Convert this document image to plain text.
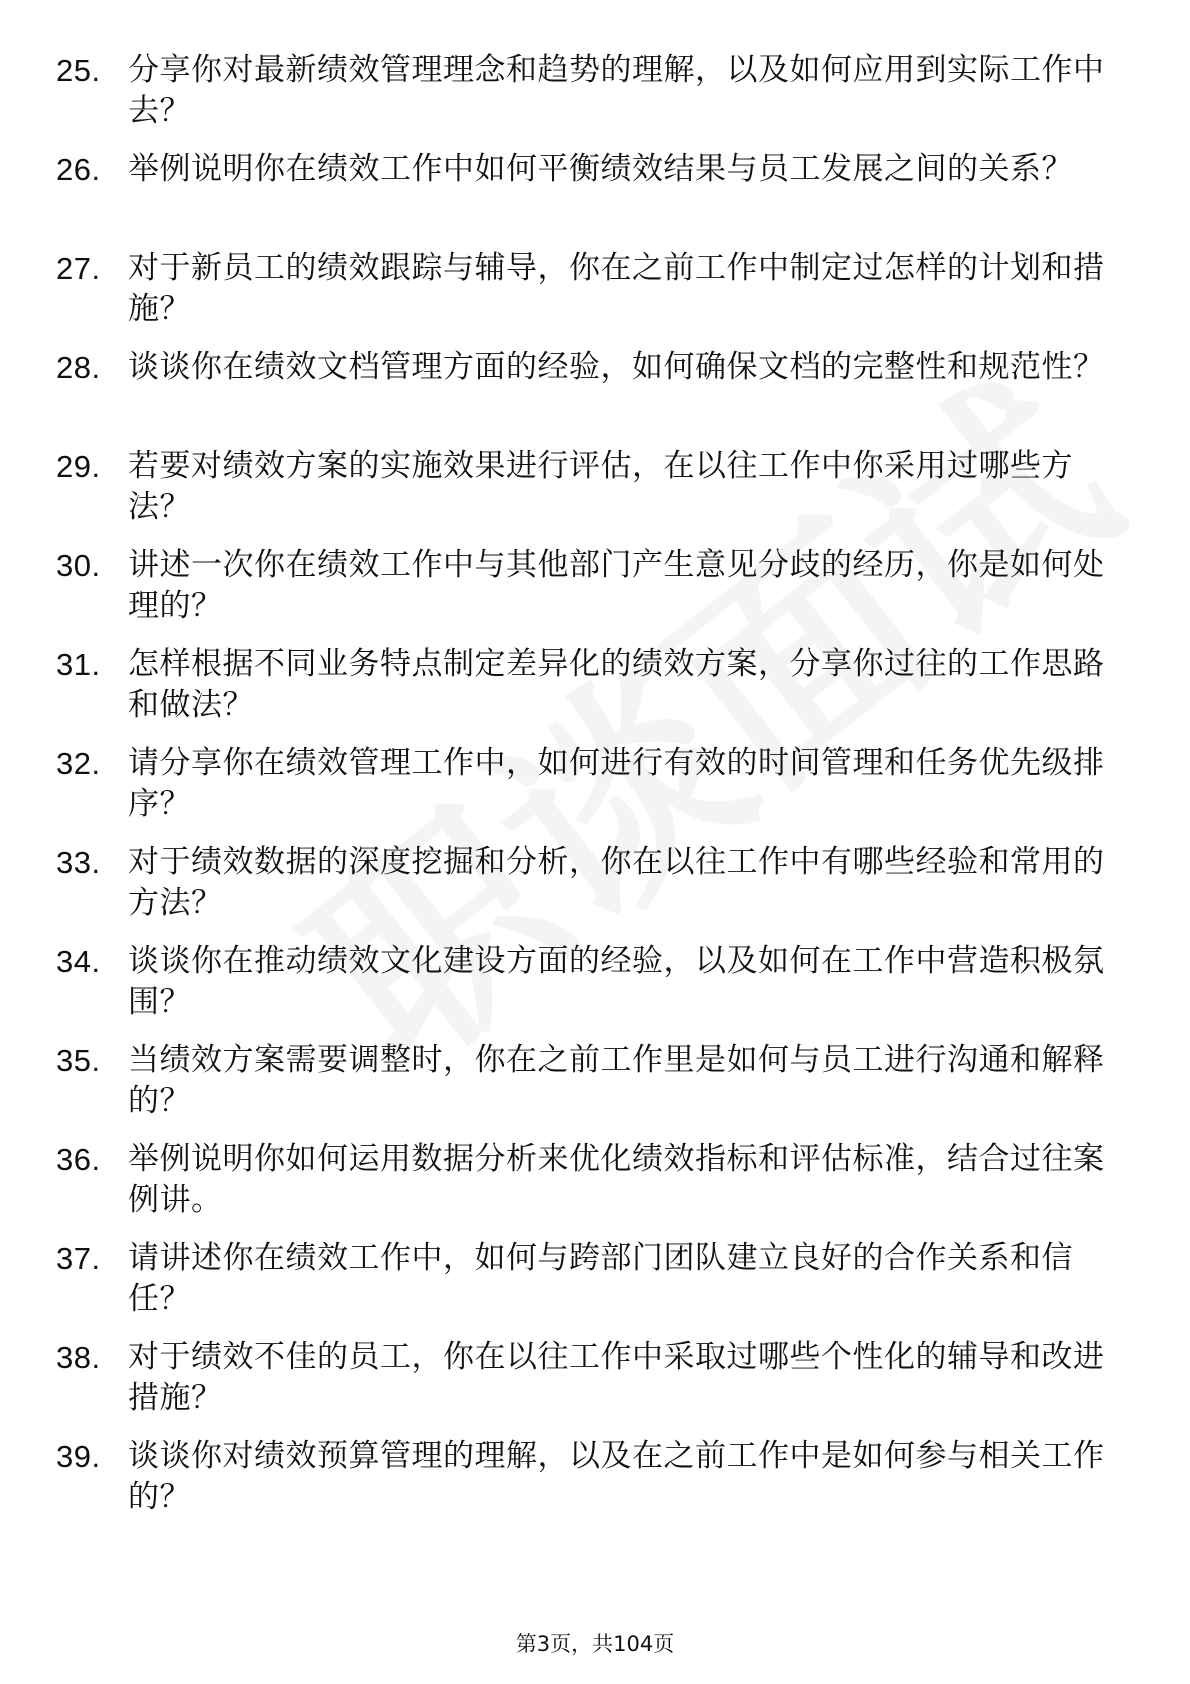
25. 分享你对最新绩效管理理念和趋势的理解，以及如何应用到实际工作中去？
26. 举例说明你在绩效工作中如何平衡绩效结果与员工发展之间的关系？
27. 对于新员工的绩效跟踪与辅导，你在之前工作中制定过怎样的计划和措施？
28. 谈谈你在绩效文档管理方面的经验，如何确保文档的完整性和规范性？
29. 若要对绩效方案的实施效果进行评估，在以往工作中你采用过哪些方法？
30. 讲述一次你在绩效工作中与其他部门产生意见分歧的经历，你是如何处理的？
31. 怎样根据不同业务特点制定差异化的绩效方案，分享你过往的工作思路和做法？
32. 请分享你在绩效管理工作中，如何进行有效的时间管理和任务优先级排序？
33. 对于绩效数据的深度挖掘和分析，你在以往工作中有哪些经验和常用的方法？
34. 谈谈你在推动绩效文化建设方面的经验，以及如何在工作中营造积极氛围？
35. 当绩效方案需要调整时，你在之前工作里是如何与员工进行沟通和解释的？
36. 举例说明你如何运用数据分析来优化绩效指标和评估标准，结合过往案例讲。
37. 请讲述你在绩效工作中，如何与跨部门团队建立良好的合作关系和信任？
38. 对于绩效不佳的员工，你在以往工作中采取过哪些个性化的辅导和改进措施？
39. 谈谈你对绩效预算管理的理解，以及在之前工作中是如何参与相关工作的？
第3页，共104页
